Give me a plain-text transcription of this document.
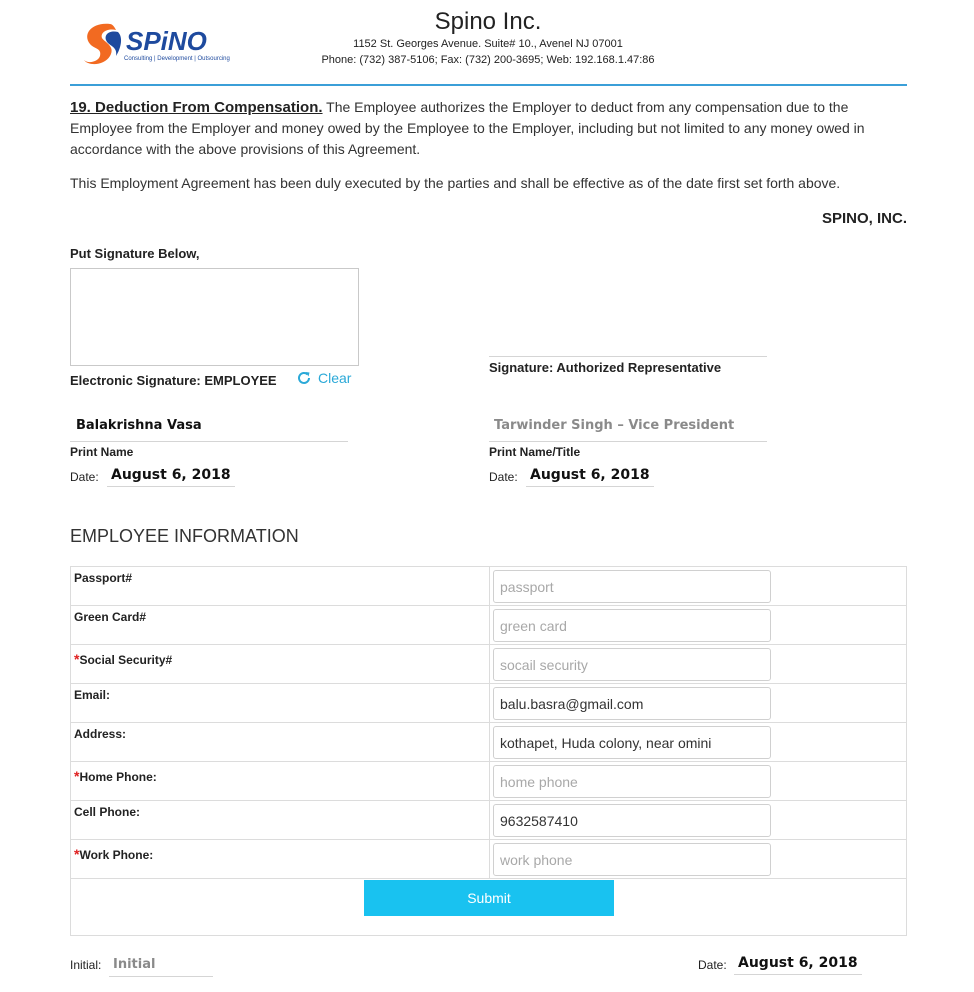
SPiNO
Consulting | Development | Outsourcing
Spino Inc.
1152 St. Georges Avenue. Suite# 10., Avenel NJ 07001
Phone: (732) 387-5106; Fax: (732) 200-3695; Web: 192.168.1.47:86
19. Deduction From Compensation. The Employee authorizes the Employer to deduct from any compensation due to the Employee from the Employer and money owed by the Employee to the Employer, including but not limited to any money owed in accordance with the above provisions of this Agreement.
This Employment Agreement has been duly executed by the parties and shall be effective as of the date first set forth above.
SPINO, INC.
Put Signature Below,
Electronic Signature: EMPLOYEE	Clear
Signature: Authorized Representative
Balakrishna Vasa
Print Name
Tarwinder Singh – Vice President
Print Name/Title
Date: August 6, 2018	Date: August 6, 2018
EMPLOYEE INFORMATION
Passport#
passport
Green Card#
green card
*Social Security#
socail security
Email:
balu.basra@gmail.com
Address:
kothapet, Huda colony, near omini
*Home Phone:
home phone
Cell Phone:
9632587410
*Work Phone:
work phone
Submit
Initial: Initial	Date: August 6, 2018
